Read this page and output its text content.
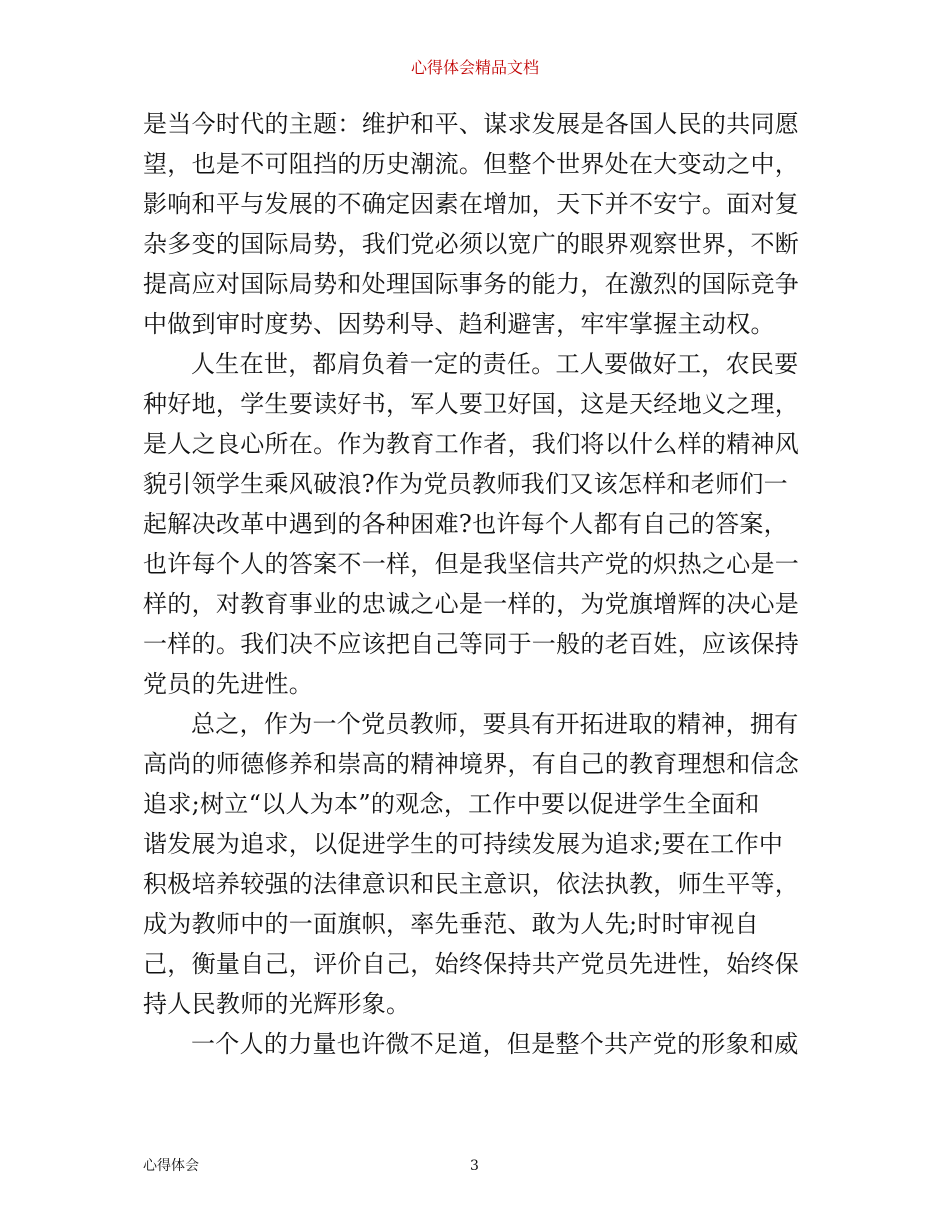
心得体会精品文档
是当今时代的主题：维护和平、谋求发展是各国人民的共同愿
望，也是不可阻挡的历史潮流。但整个世界处在大变动之中，
影响和平与发展的不确定因素在增加，天下并不安宁。面对复
杂多变的国际局势，我们党必须以宽广的眼界观察世界，不断
提高应对国际局势和处理国际事务的能力，在激烈的国际竞争
中做到审时度势、因势利导、趋利避害，牢牢掌握主动权。
人生在世，都肩负着一定的责任。工人要做好工，农民要
种好地，学生要读好书，军人要卫好国，这是天经地义之理，
是人之良心所在。作为教育工作者，我们将以什么样的精神风
貌引领学生乘风破浪?作为党员教师我们又该怎样和老师们一
起解决改革中遇到的各种困难?也许每个人都有自己的答案，
也许每个人的答案不一样，但是我坚信共产党的炽热之心是一
样的，对教育事业的忠诚之心是一样的，为党旗增辉的决心是
一样的。我们决不应该把自己等同于一般的老百姓，应该保持
党员的先进性。
总之，作为一个党员教师，要具有开拓进取的精神，拥有
高尚的师德修养和崇高的精神境界，有自己的教育理想和信念
追求;树立“以人为本”的观念，工作中要以促进学生全面和
谐发展为追求，以促进学生的可持续发展为追求;要在工作中
积极培养较强的法律意识和民主意识，依法执教，师生平等，
成为教师中的一面旗帜，率先垂范、敢为人先;时时审视自
己，衡量自己，评价自己，始终保持共产党员先进性，始终保
持人民教师的光辉形象。
一个人的力量也许微不足道，但是整个共产党的形象和威
心得体会	3
